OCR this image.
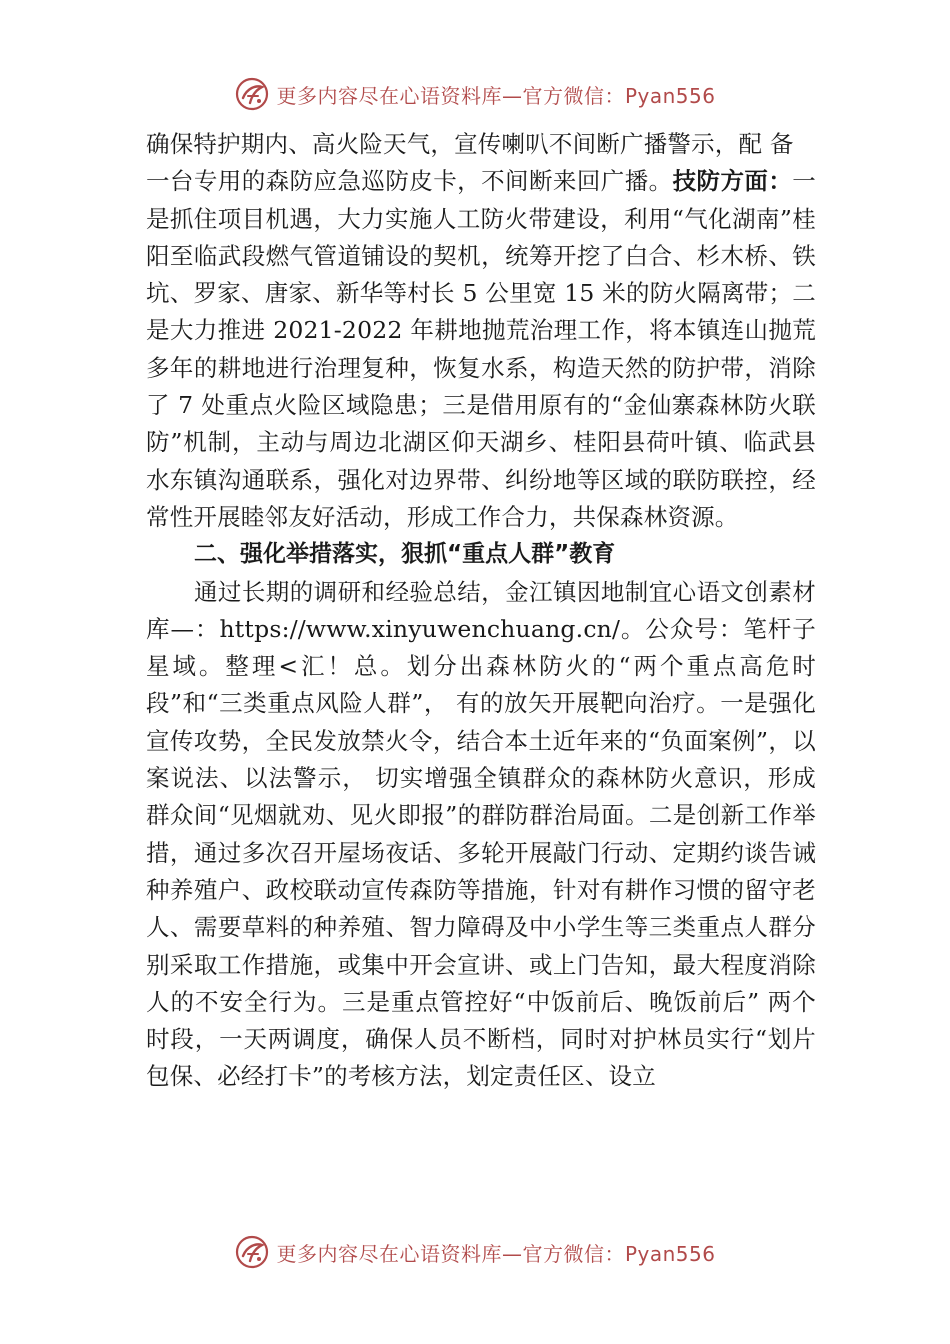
更多内容尽在心语资料库—官方微信：Pyan556

确保特护期内、高火险天气，宣传喇叭不间断广播警示，配 备
一台专用的森防应急巡防皮卡，不间断来回广播。技防方面：一是抓住项目机遇，大力实施人工防火带建设，利用“气化湖南”桂阳至临武段燃气管道铺设的契机，统筹开挖了白合、杉木桥、铁坑、罗家、唐家、新华等村长 5 公里宽 15 米的防火隔离带；二是大力推进 2021-2022 年耕地抛荒治理工作，将本镇连山抛荒多年的耕地进行治理复种，恢复水系，构造天然的防护带，消除了 7 处重点火险区域隐患；三是借用原有的“金仙寨森林防火联防”机制，主动与周边北湖区仰天湖乡、桂阳县荷叶镇、临武县水东镇沟通联系，强化对边界带、纠纷地等区域的联防联控，经常性开展睦邻友好活动，形成工作合力，共保森林资源。

二、强化举措落实，狠抓“重点人群”教育

通过长期的调研和经验总结，金江镇因地制宜心语文创素材库—：https://www.xinyuwenchuang.cn/。公众号：笔杆子星域。整理<汇！总。划分出森林防火的“两个重点高危时段”和“三类重点风险人群”， 有的放矢开展靶向治疗。一是强化宣传攻势，全民发放禁火令，结合本土近年来的“负面案例”，以案说法、以法警示， 切实增强全镇群众的森林防火意识，形成群众间“见烟就劝、见火即报”的群防群治局面。二是创新工作举措，通过多次召开屋场夜话、多轮开展敲门行动、定期约谈告诫种养殖户、政校联动宣传森防等措施，针对有耕作习惯的留守老人、需要草料的种养殖、智力障碍及中小学生等三类重点人群分别采取工作措施，或集中开会宣讲、或上门告知，最大程度消除人的不安全行为。三是重点管控好“中饭前后、晚饭前后” 两个时段，一天两调度，确保人员不断档，同时对护林员实行“划片包保、必经打卡”的考核方法，划定责任区、设立

更多内容尽在心语资料库—官方微信：Pyan556
